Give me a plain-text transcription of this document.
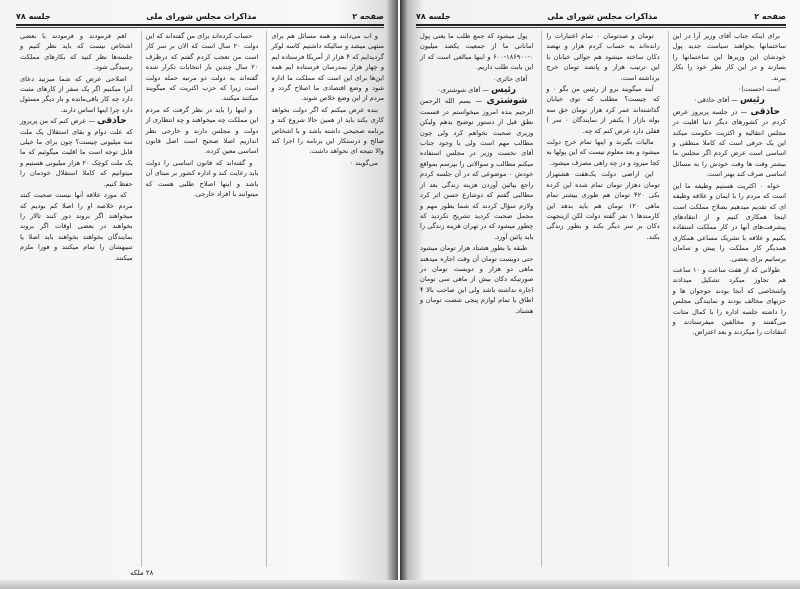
صفحه ۲
مذاکرات مجلس شورای ملی
جلسه ۷۸

و اب می‌دانند و همه مسائل هم برای منتهی میشد و سالیکه داشتیم کاسه لوکر گردیدایم که ۴ هزار از آمریکا فرستاده ایم و چهار هزار بمدرسان فرستاده ایم همه این‌ها برای این است که مملکت ما اداره شود و وضع اقتصادی ما اصلاح گردد و مردم از این وضع خلاص شوند.

بنده عرض میکنم که اگر دولت بخواهد کاری بکند باید از همین حالا شروع کند و برنامه صحیحی داشته باشد و با اشخاص صالح و درستکار این برنامه را اجرا کند والا نتیجه ای نخواهد داشت.

می‌گویند ۰

حساب کرده‌اند برای من گفته‌اند که این دولت ۲۰ سال است که الان بر سر کار است من تعجب کردم گفتم که درظرف ۲۰ سال چندین بار انتخابات تکرار شده گفته‌اند به دولت دو مرتبه حمله دولت است زیرا که حزب اکثریت که میگویند میکنند میکنند.

و اینها را باید در نظر گرفت که مردم این مملکت چه میخواهند و چه انتظاری از دولت و مجلس دارند و خارجی نظر اندازیم اصلا صحیح است اصل قانون اساسی معین کرده.

و گفته‌اند که قانون اساسی را دولت باید رعایت کند و اداره کشور بر مبنای آن باشد و اینها اصلاح طلبی هست که میتوانند با افراد خارجی.

اهم فرمودند و فرمودند با بعضی اشخاص نیست که باید نظر کنیم و جلسه‌ها نظر کنید که بکارهای مملکت رسیدگی شود.

اصلاحی عرض که شما میزنید دعای آنرا میکنیم اگر یک سفر از کارهای مثبت دارد چه کار باقی‌مانده و بار دیگر مسئول دارد چرا اینها اساس دارند.

حاذقی — عرض کنم که من پریروز که علت دوام و بقای استقلال یک ملت سه میلیونی چیست؟ چون برای ما خیلی قابل توجه است ما اقلیت میگوئیم که ما یک ملت کوچک ۲۰ هزار میلیونی هستیم و میتوانیم که کاملا استقلال خودمان را حفظ کنیم.

که مورد علاقه آنها نیست صحبت کنند مردم خلاصه او را اصلا کم بودیم که میخواهند اگر بروند دور کنند تالار را بخواهند در بعضی اوقات اگر بروند نمایندگان بخواهند بخواهند باید اصلا یا تنبیهشان را تمام میکنند و فورا ملزم میکنند.

صفحه ۲
مذاکرات مجلس شورای ملی
جلسه ۷۸

برای اینکه جناب آقای وزیر آرا در این ساختمانها بخواهند سیاست جدید پول خودشان این وزیرها این ساختمانها را بسازند و در این کار نظر خود را بکار ببرند.

است احسنت)۰

رئیس — آقای حاذقی۰

حاذقی — در جلسه پریروز عرض کردم در کشورهای دیگر دنیا اقلیت در مجلس انتقالیه و اکثریت حکومت میکند این یک حرفی است که کاملا منطقی و اساسی است عرض کردم اگر مجلس ما بیشتر وقت ها وقت خودش را به مسائل اساسی صرف کند بهتر است.

خواه ۰ اکثریت هستیم وظیفه ما این است که مردم را با ایمان و علاقه وظیفه ای که تقدیم میدهیم بصلاح مملکت است اینجا همکاری کنیم و از انتقادهای پیشرفت‌های آنها در کار مملکت استفاده بکنیم و علاقه با تشریک مساعی همکاری همدیگر کار مملکت را پیش و سامان برسانیم برای بعضی.

طولانی که از هفت ساعت و ۱۰ ساعت هم تجاوز میکرد تشکیل میدادند واشخاصی که آنجا بودند جوجوان ها و حزبهای مخالف بودند و نمایندگی مجلس را داشته جلسه اداره را با کمال متانت می‌گفتند و مخالفین میفرستادند و انتقادات را میکردند و بعد اعتراض.

تومان و صدتومان ۰ تمام اعتبارات را رانده‌اند به حساب کردم هزار و نهصد دکان ساخته میشود هم حوالی خیابان با این ترتیب هزار و پانصد تومان خرج برداشته است.

آیند میگویند برو از رئیس من بگو ۰ و که چیست؟ مطلب که توی خیابان گذاشته‌اند عمر کرد هزار تومان حق سه بوله بازار ( یکنفر از نمایندگان ۰ سر ) قفلی دارد عرض کنم که چه.

مالیات بگیرند و اینها تمام خرج دولت میشود و بعد معلوم نیست که این پولها به کجا میرود و در چه راهی مصرف میشود.

این اراضی دولت یک‌هفت هشتهزار تومان دهزار تومان تمام شده این کرده بکی ۴۲۰ تومان هم طوری بیشتر تمام ماهی ۱۲۰ تومان هم باید بدهد این کارمندها ۱ نفر گفته دولت لکن ازینجهت دکان بر سر دیگر بکند و بطور زندگی بکند.

پول میشود که جمع طلب ما یعنی پول اماناتی ما از جمعیت یکصد میلیون ۰-۱۸۶۹۰۰-۶۰۰ و اینها مبالغی است که از این بابت طلب داریم.

آقای حائری۰

رئیس — آقای شوشتری۰

شوشتری — بسم الله الرحمن الرحیم بنده امروز میخواستم در قسمت نطق قبل از دستور توضیح بدهم ولیکن وزیری صحبت نخواهم کرد ولی چون مطالب مهم است ولی با وجود جناب آقای نخست وزیر در مجلس استفاده میکنم مطالب و سوالاتی را بپرسم بمواقع خودش ۰ موضوعی که در آن جلسه کردم راجع بپائین آوردن هزینه زندگی بعد از مطالبی گفتم که دوشارع حسن اثر کرد ولازم سؤال کردند که شما بطور مهم و مجمل صحبت کردید تشریح نکردید که چطور میشود که در تهران هزینه زندگی را باید پائین آورد.

طبقه یا بطور هشتاد هزار تومان میشود حتی دویست تومان آن وقت اجاره میدهند ماهی دو هزار و دویست تومان در صورتیکه دکان بیش از ماهی سی تومان اجاره نداشته باشد ولی این صاحب بالا ۴ اطاق با تمام لوازم پنجی شصت تومان و هشتاد.

۲۸ ملکه
